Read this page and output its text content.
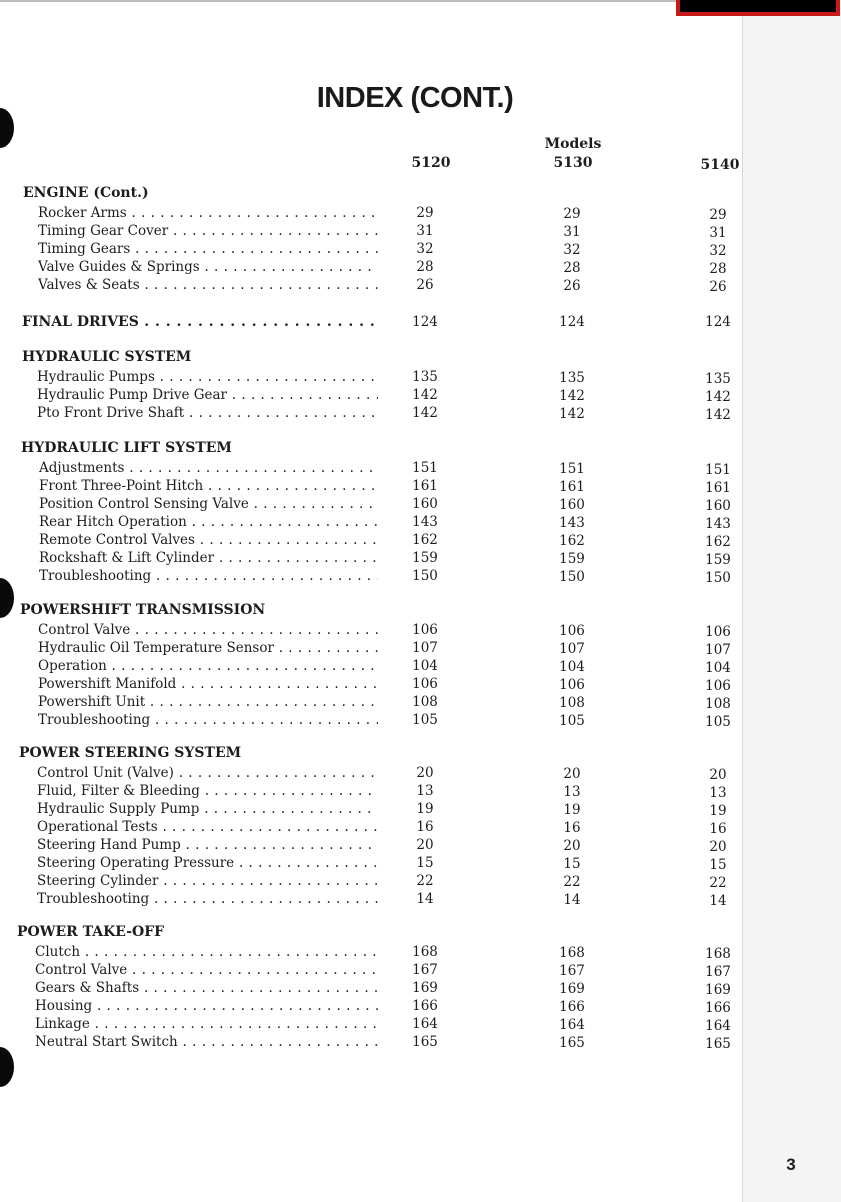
INDEX (CONT.)
Models
5120	5130	5140
ENGINE (Cont.)
Rocker Arms . . .	29	29	29
Timing Gear Cover . . .	31	31	31
Timing Gears . . .	32	32	32
Valve Guides & Springs . . .	28	28	28
Valves & Seats . . .	26	26	26
FINAL DRIVES . . .	124	124	124
HYDRAULIC SYSTEM
Hydraulic Pumps . . .	135	135	135
Hydraulic Pump Drive Gear . . .	142	142	142
Pto Front Drive Shaft . . .	142	142	142
HYDRAULIC LIFT SYSTEM
Adjustments . . .	151	151	151
Front Three-Point Hitch . . .	161	161	161
Position Control Sensing Valve . . .	160	160	160
Rear Hitch Operation . . .	143	143	143
Remote Control Valves . . .	162	162	162
Rockshaft & Lift Cylinder . . .	159	159	159
Troubleshooting . . .	150	150	150
POWERSHIFT TRANSMISSION
Control Valve . . .	106	106	106
Hydraulic Oil Temperature Sensor . . .	107	107	107
Operation . . .	104	104	104
Powershift Manifold . . .	106	106	106
Powershift Unit . . .	108	108	108
Troubleshooting . . .	105	105	105
POWER STEERING SYSTEM
Control Unit (Valve) . . .	20	20	20
Fluid, Filter & Bleeding . . .	13	13	13
Hydraulic Supply Pump . . .	19	19	19
Operational Tests . . .	16	16	16
Steering Hand Pump . . .	20	20	20
Steering Operating Pressure . . .	15	15	15
Steering Cylinder . . .	22	22	22
Troubleshooting . . .	14	14	14
POWER TAKE-OFF
Clutch . . .	168	168	168
Control Valve . . .	167	167	167
Gears & Shafts . . .	169	169	169
Housing . . .	166	166	166
Linkage . . .	164	164	164
Neutral Start Switch . . .	165	165	165
3
